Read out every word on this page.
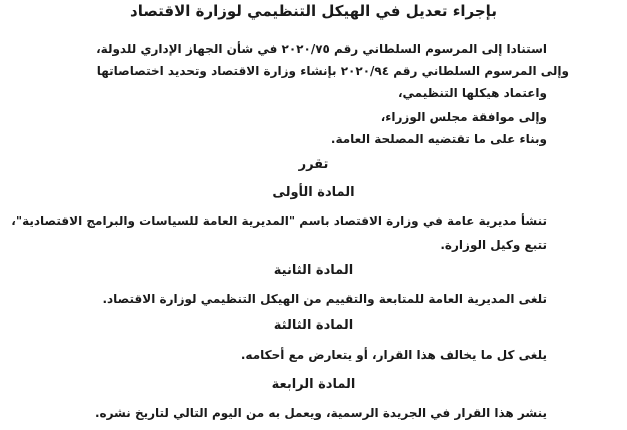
بإجراء تعديل في الهيكل التنظيمي لوزارة الاقتصاد

استنادا إلى المرسوم السلطاني رقم ٢٠٢٠/٧٥ في شأن الجهاز الإداري للدولة،

وإلى المرسوم السلطاني رقم ٢٠٢٠/٩٤ بإنشاء وزارة الاقتصاد وتحديد اختصاصاتها

واعتماد هيكلها التنظيمي،

وإلى موافقة مجلس الوزراء،

وبناء على ما تقتضيه المصلحة العامة.

تقرر

المادة الأولى

تنشأ مديرية عامة في وزارة الاقتصاد باسم "المديرية العامة للسياسات والبرامج الاقتصادية"،

تتبع وكيل الوزارة.

المادة الثانية

تلغى المديرية العامة للمتابعة والتقييم من الهيكل التنظيمي لوزارة الاقتصاد.

المادة الثالثة

يلغى كل ما يخالف هذا القرار، أو يتعارض مع أحكامه.

المادة الرابعة

ينشر هذا القرار في الجريدة الرسمية، ويعمل به من اليوم التالي لتاريخ نشره.
